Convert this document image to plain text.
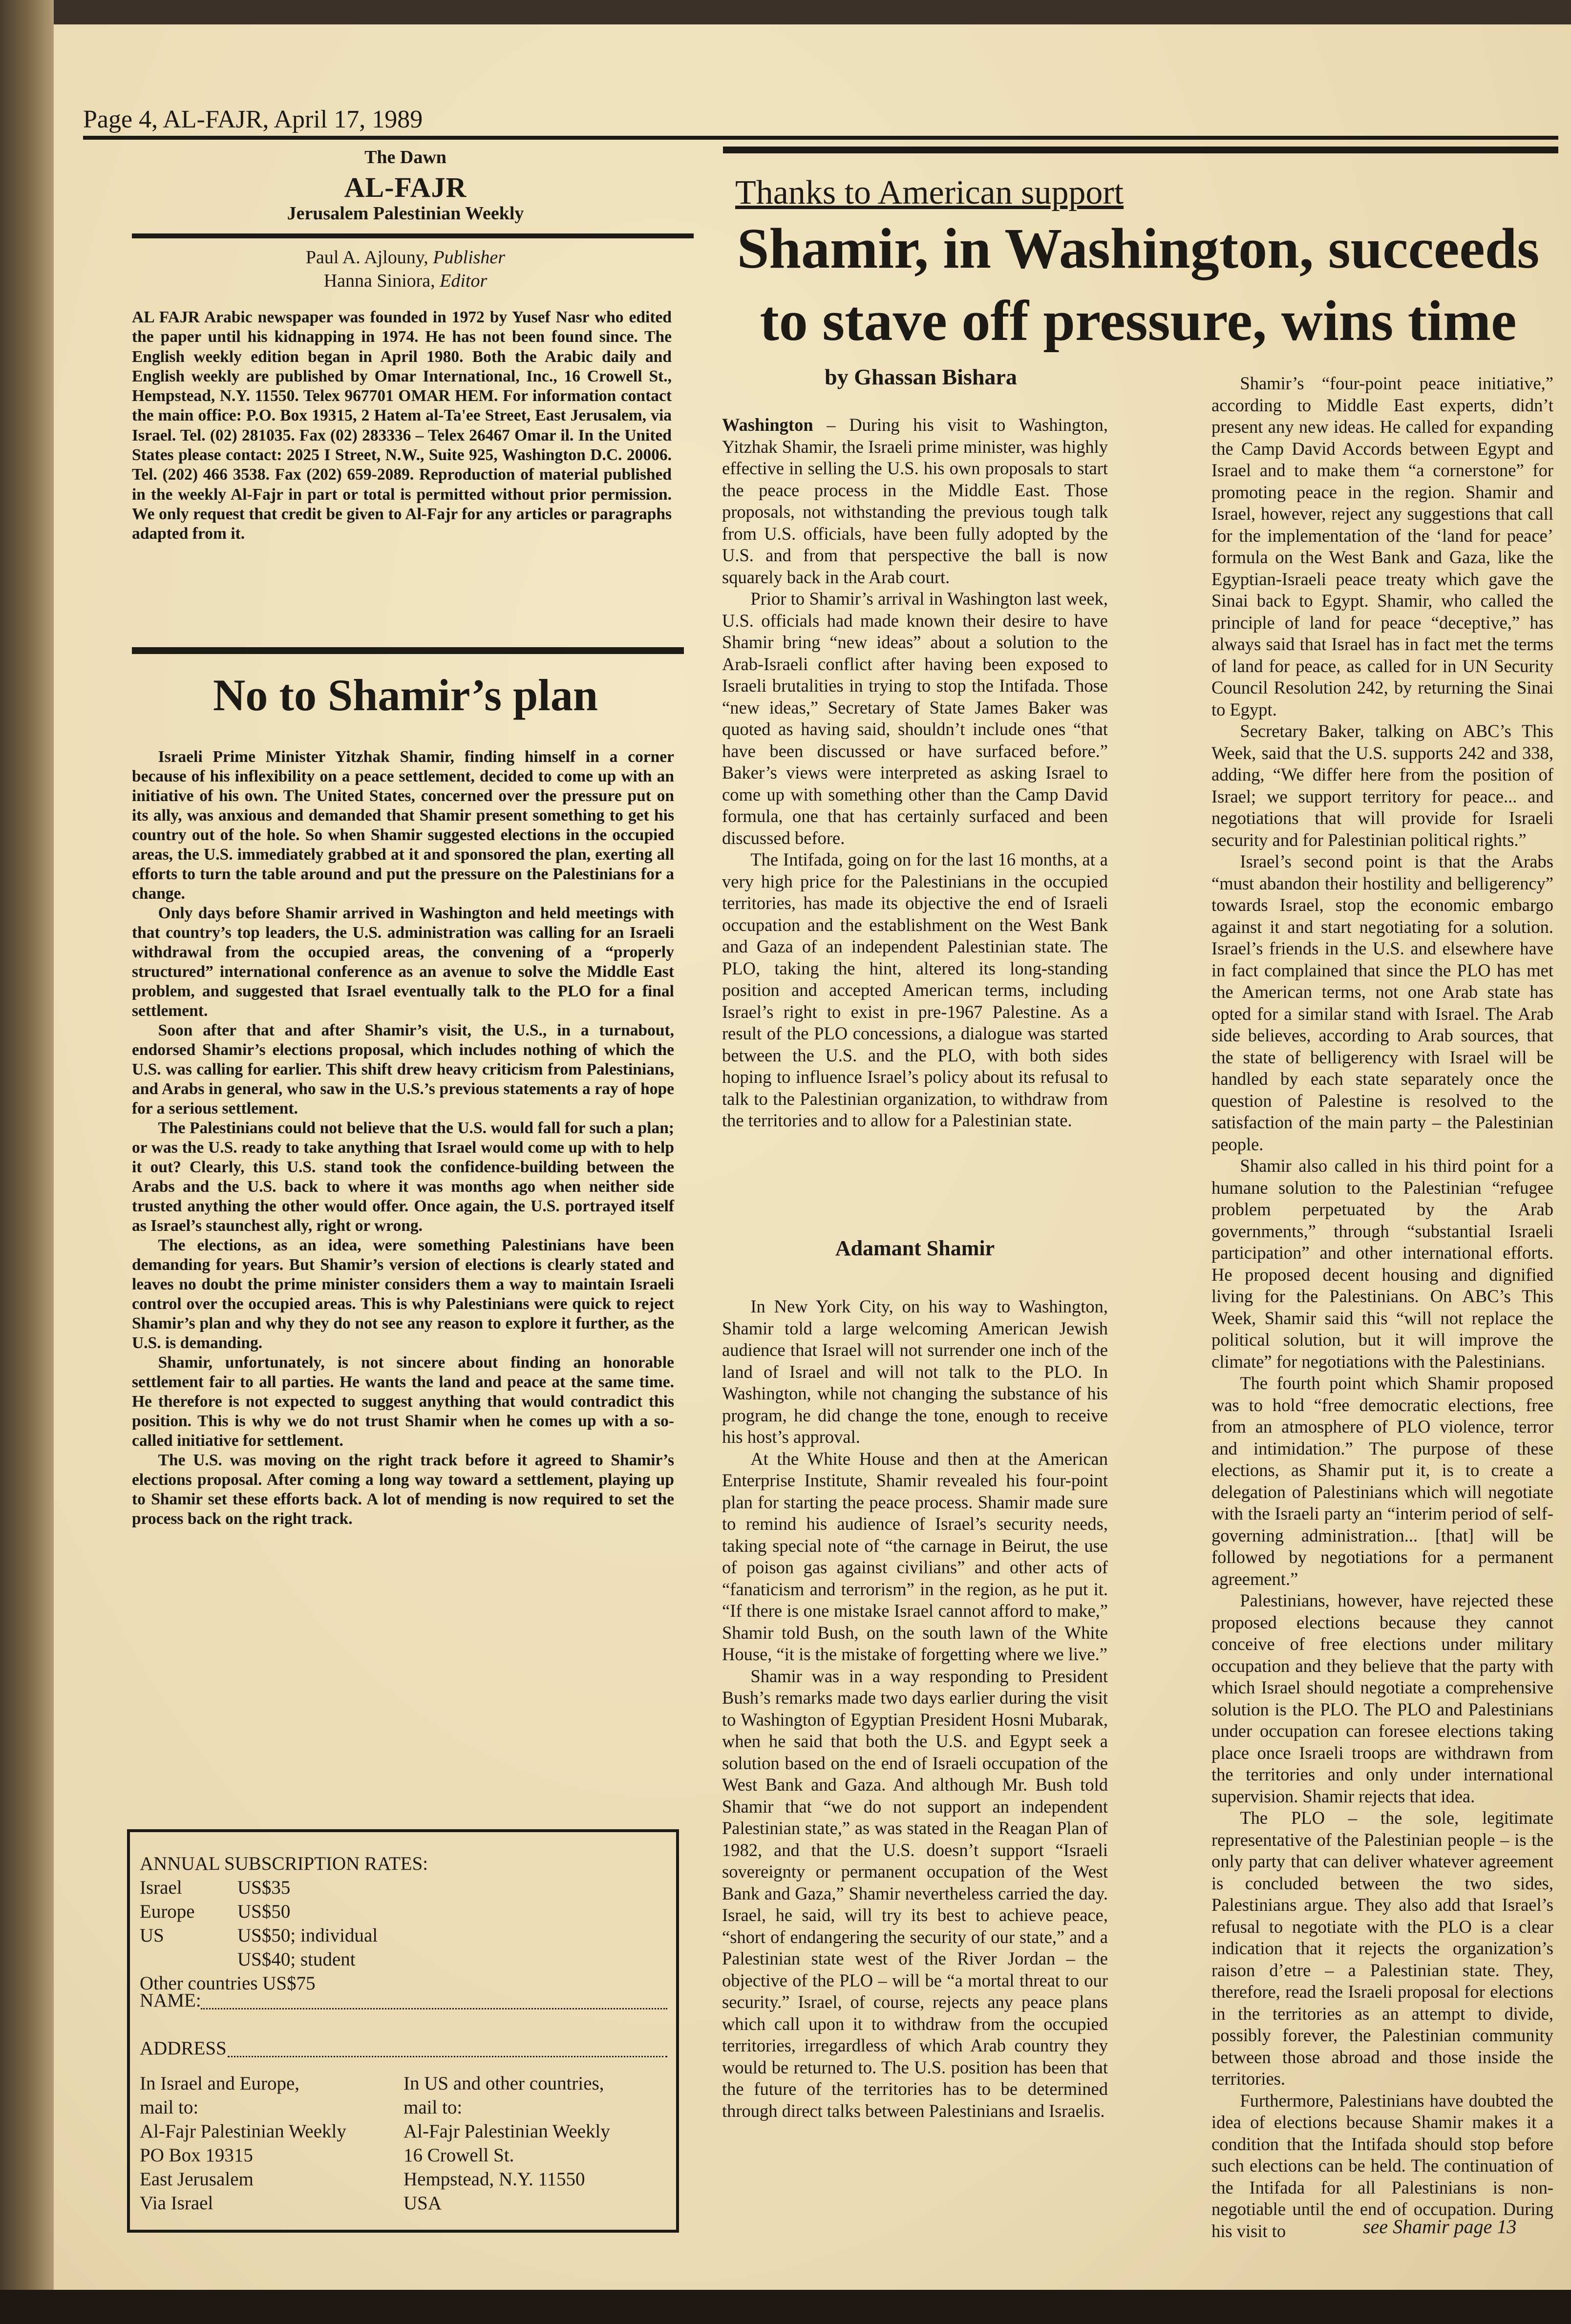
Page 4, AL-FAJR, April 17, 1989
The Dawn
AL-FAJR
Jerusalem Palestinian Weekly
Paul A. Ajlouny, Publisher
Hanna Siniora, Editor
AL FAJR Arabic newspaper was founded in 1972 by Yusef Nasr who edited the paper until his kidnapping in 1974. He has not been found since. The English weekly edition began in April 1980. Both the Arabic daily and English weekly are published by Omar International, Inc., 16 Crowell St., Hempstead, N.Y. 11550. Telex 967701 OMAR HEM. For information contact the main office: P.O. Box 19315, 2 Hatem al-Ta'ee Street, East Jerusalem, via Israel. Tel. (02) 281035. Fax (02) 283336 – Telex 26467 Omar il. In the United States please contact: 2025 I Street, N.W., Suite 925, Washington D.C. 20006. Tel. (202) 466 3538. Fax (202) 659-2089. Reproduction of material published in the weekly Al-Fajr in part or total is permitted without prior permission. We only request that credit be given to Al-Fajr for any articles or paragraphs adapted from it.
No to Shamir’s plan

Israeli Prime Minister Yitzhak Shamir, finding himself in a corner because of his inflexibility on a peace settlement, decided to come up with an initiative of his own. The United States, concerned over the pressure put on its ally, was anxious and demanded that Shamir present something to get his country out of the hole. So when Shamir suggested elections in the occupied areas, the U.S. immediately grabbed at it and sponsored the plan, exerting all efforts to turn the table around and put the pressure on the Palestinians for a change.

Only days before Shamir arrived in Washington and held meetings with that country’s top leaders, the U.S. administration was calling for an Israeli withdrawal from the occupied areas, the convening of a “properly structured” international conference as an avenue to solve the Middle East problem, and suggested that Israel eventually talk to the PLO for a final settlement.

Soon after that and after Shamir’s visit, the U.S., in a turnabout, endorsed Shamir’s elections proposal, which includes nothing of which the U.S. was calling for earlier. This shift drew heavy criticism from Palestinians, and Arabs in general, who saw in the U.S.’s previous statements a ray of hope for a serious settlement.

The Palestinians could not believe that the U.S. would fall for such a plan; or was the U.S. ready to take anything that Israel would come up with to help it out? Clearly, this U.S. stand took the confidence-building between the Arabs and the U.S. back to where it was months ago when neither side trusted anything the other would offer. Once again, the U.S. portrayed itself as Israel’s staunchest ally, right or wrong.

The elections, as an idea, were something Palestinians have been demanding for years. But Shamir’s version of elections is clearly stated and leaves no doubt the prime minister considers them a way to maintain Israeli control over the occupied areas. This is why Palestinians were quick to reject Shamir’s plan and why they do not see any reason to explore it further, as the U.S. is demanding.

Shamir, unfortunately, is not sincere about finding an honorable settlement fair to all parties. He wants the land and peace at the same time. He therefore is not expected to suggest anything that would contradict this position. This is why we do not trust Shamir when he comes up with a so-called initiative for settlement.

The U.S. was moving on the right track before it agreed to Shamir’s elections proposal. After coming a long way toward a settlement, playing up to Shamir set these efforts back. A lot of mending is now required to set the process back on the right track.

ANNUAL SUBSCRIPTION RATES:
Israel	US$35
Europe	US$50
US	US$50; individual
US$40; student
Other countries US$75
NAME:
ADDRESS
In Israel and Europe,
mail to:
Al-Fajr Palestinian Weekly
PO Box 19315
East Jerusalem
Via Israel
In US and other countries,
mail to:
Al-Fajr Palestinian Weekly
16 Crowell St.
Hempstead, N.Y. 11550
USA
Thanks to American support
Shamir, in Washington, succeeds
to stave off pressure, wins time
by Ghassan Bishara

Washington – During his visit to Washington, Yitzhak Shamir, the Israeli prime minister, was highly effective in selling the U.S. his own proposals to start the peace process in the Middle East. Those proposals, not withstanding the previous tough talk from U.S. officials, have been fully adopted by the U.S. and from that perspective the ball is now squarely back in the Arab court.

Prior to Shamir’s arrival in Washington last week, U.S. officials had made known their desire to have Shamir bring “new ideas” about a solution to the Arab-Israeli conflict after having been exposed to Israeli brutalities in trying to stop the Intifada. Those “new ideas,” Secretary of State James Baker was quoted as having said, shouldn’t include ones “that have been discussed or have surfaced before.” Baker’s views were interpreted as asking Israel to come up with something other than the Camp David formula, one that has certainly surfaced and been discussed before.

The Intifada, going on for the last 16 months, at a very high price for the Palestinians in the occupied territories, has made its objective the end of Israeli occupation and the establishment on the West Bank and Gaza of an independent Palestinian state. The PLO, taking the hint, altered its long-standing position and accepted American terms, including Israel’s right to exist in pre-1967 Palestine. As a result of the PLO concessions, a dialogue was started between the U.S. and the PLO, with both sides hoping to influence Israel’s policy about its refusal to talk to the Palestinian organization, to withdraw from the territories and to allow for a Palestinian state.

Adamant Shamir

In New York City, on his way to Washington, Shamir told a large welcoming American Jewish audience that Israel will not surrender one inch of the land of Israel and will not talk to the PLO. In Washington, while not changing the substance of his program, he did change the tone, enough to receive his host’s approval.

At the White House and then at the American Enterprise Institute, Shamir revealed his four-point plan for starting the peace process. Shamir made sure to remind his audience of Israel’s security needs, taking special note of “the carnage in Beirut, the use of poison gas against civilians” and other acts of “fanaticism and terrorism” in the region, as he put it. “If there is one mistake Israel cannot afford to make,” Shamir told Bush, on the south lawn of the White House, “it is the mistake of forgetting where we live.”

Shamir was in a way responding to President Bush’s remarks made two days earlier during the visit to Washington of Egyptian President Hosni Mubarak, when he said that both the U.S. and Egypt seek a solution based on the end of Israeli occupation of the West Bank and Gaza. And although Mr. Bush told Shamir that “we do not support an independent Palestinian state,” as was stated in the Reagan Plan of 1982, and that the U.S. doesn’t support “Israeli sovereignty or permanent occupation of the West Bank and Gaza,” Shamir nevertheless carried the day. Israel, he said, will try its best to achieve peace, “short of endangering the security of our state,” and a Palestinian state west of the River Jordan – the objective of the PLO – will be “a mortal threat to our security.” Israel, of course, rejects any peace plans which call upon it to withdraw from the occupied territories, irregardless of which Arab country they would be returned to. The U.S. position has been that the future of the territories has to be determined through direct talks between Palestinians and Israelis.

Shamir’s “four-point peace initiative,” according to Middle East experts, didn’t present any new ideas. He called for expanding the Camp David Accords between Egypt and Israel and to make them “a cornerstone” for promoting peace in the region. Shamir and Israel, however, reject any suggestions that call for the implementation of the ‘land for peace’ formula on the West Bank and Gaza, like the Egyptian-Israeli peace treaty which gave the Sinai back to Egypt. Shamir, who called the principle of land for peace “deceptive,” has always said that Israel has in fact met the terms of land for peace, as called for in UN Security Council Resolution 242, by returning the Sinai to Egypt.

Secretary Baker, talking on ABC’s This Week, said that the U.S. supports 242 and 338, adding, “We differ here from the position of Israel; we support territory for peace... and negotiations that will provide for Israeli security and for Palestinian political rights.”

Israel’s second point is that the Arabs “must abandon their hostility and belligerency” towards Israel, stop the economic embargo against it and start negotiating for a solution. Israel’s friends in the U.S. and elsewhere have in fact complained that since the PLO has met the American terms, not one Arab state has opted for a similar stand with Israel. The Arab side believes, according to Arab sources, that the state of belligerency with Israel will be handled by each state separately once the question of Palestine is resolved to the satisfaction of the main party – the Palestinian people.

Shamir also called in his third point for a humane solution to the Palestinian “refugee problem perpetuated by the Arab governments,” through “substantial Israeli participation” and other international efforts. He proposed decent housing and dignified living for the Palestinians. On ABC’s This Week, Shamir said this “will not replace the political solution, but it will improve the climate” for negotiations with the Palestinians.

The fourth point which Shamir proposed was to hold “free democratic elections, free from an atmosphere of PLO violence, terror and intimidation.” The purpose of these elections, as Shamir put it, is to create a delegation of Palestinians which will negotiate with the Israeli party an “interim period of self-governing administration... [that] will be followed by negotiations for a permanent agreement.”

Palestinians, however, have rejected these proposed elections because they cannot conceive of free elections under military occupation and they believe that the party with which Israel should negotiate a comprehensive solution is the PLO. The PLO and Palestinians under occupation can foresee elections taking place once Israeli troops are withdrawn from the territories and only under international supervision. Shamir rejects that idea.

The PLO – the sole, legitimate representative of the Palestinian people – is the only party that can deliver whatever agreement is concluded between the two sides, Palestinians argue. They also add that Israel’s refusal to negotiate with the PLO is a clear indication that it rejects the organization’s raison d’etre – a Palestinian state. They, therefore, read the Israeli proposal for elections in the territories as an attempt to divide, possibly forever, the Palestinian community between those abroad and those inside the territories.

Furthermore, Palestinians have doubted the idea of elections because Shamir makes it a condition that the Intifada should stop before such elections can be held. The continuation of the Intifada for all Palestinians is non-negotiable until the end of occupation. During his visit to	see Shamir page 13
